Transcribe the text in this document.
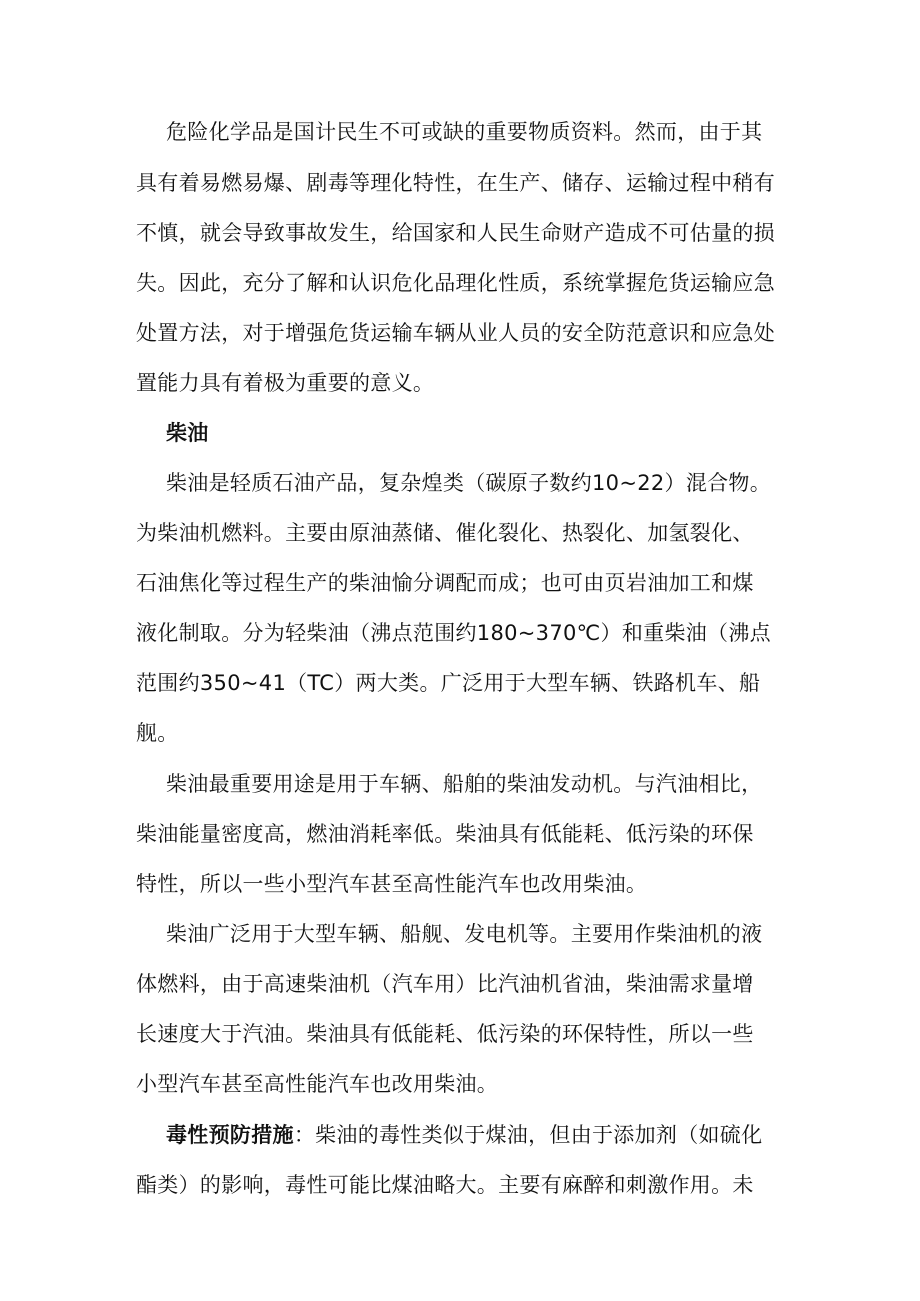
危险化学品是国计民生不可或缺的重要物质资料。然而，由于其
具有着易燃易爆、剧毒等理化特性，在生产、储存、运输过程中稍有
不慎，就会导致事故发生，给国家和人民生命财产造成不可估量的损
失。因此，充分了解和认识危化品理化性质，系统掌握危货运输应急
处置方法，对于增强危货运输车辆从业人员的安全防范意识和应急处
置能力具有着极为重要的意义。
柴油
柴油是轻质石油产品，复杂煌类（碳原子数约10~22）混合物。
为柴油机燃料。主要由原油蒸储、催化裂化、热裂化、加氢裂化、
石油焦化等过程生产的柴油愉分调配而成；也可由页岩油加工和煤
液化制取。分为轻柴油（沸点范围约180~370℃）和重柴油（沸点
范围约350~41（TC）两大类。广泛用于大型车辆、铁路机车、船
舰。
柴油最重要用途是用于车辆、船舶的柴油发动机。与汽油相比，
柴油能量密度高，燃油消耗率低。柴油具有低能耗、低污染的环保
特性，所以一些小型汽车甚至高性能汽车也改用柴油。
柴油广泛用于大型车辆、船舰、发电机等。主要用作柴油机的液
体燃料，由于高速柴油机（汽车用）比汽油机省油，柴油需求量增
长速度大于汽油。柴油具有低能耗、低污染的环保特性，所以一些
小型汽车甚至高性能汽车也改用柴油。
毒性预防措施：柴油的毒性类似于煤油，但由于添加剂（如硫化
酯类）的影响，毒性可能比煤油略大。主要有麻醉和刺激作用。未
